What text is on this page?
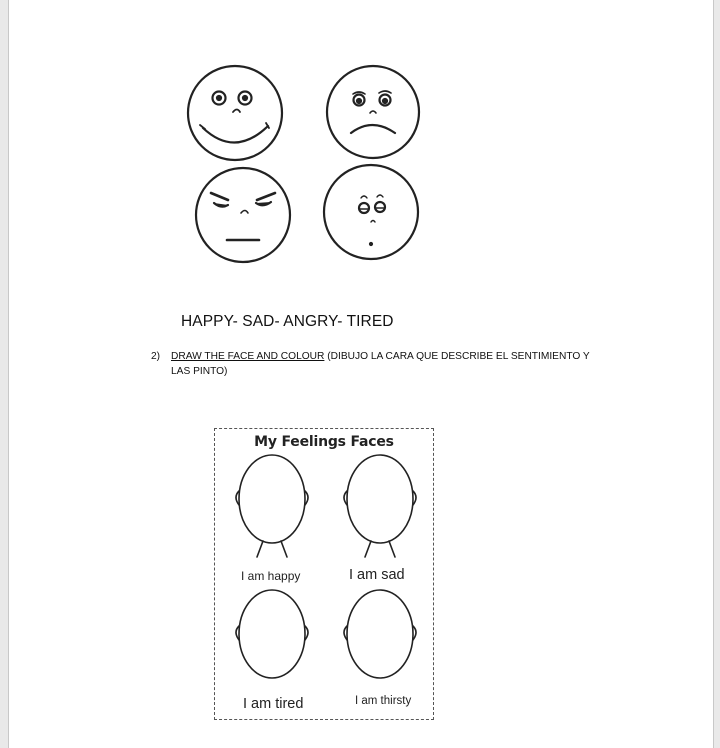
HAPPY- SAD- ANGRY- TIRED
2) DRAW THE FACE AND COLOUR (DIBUJO LA CARA QUE DESCRIBE EL SENTIMIENTO Y
LAS PINTO)
My Feelings Faces
I am happy	I am sad
I am tired	I am thirsty
